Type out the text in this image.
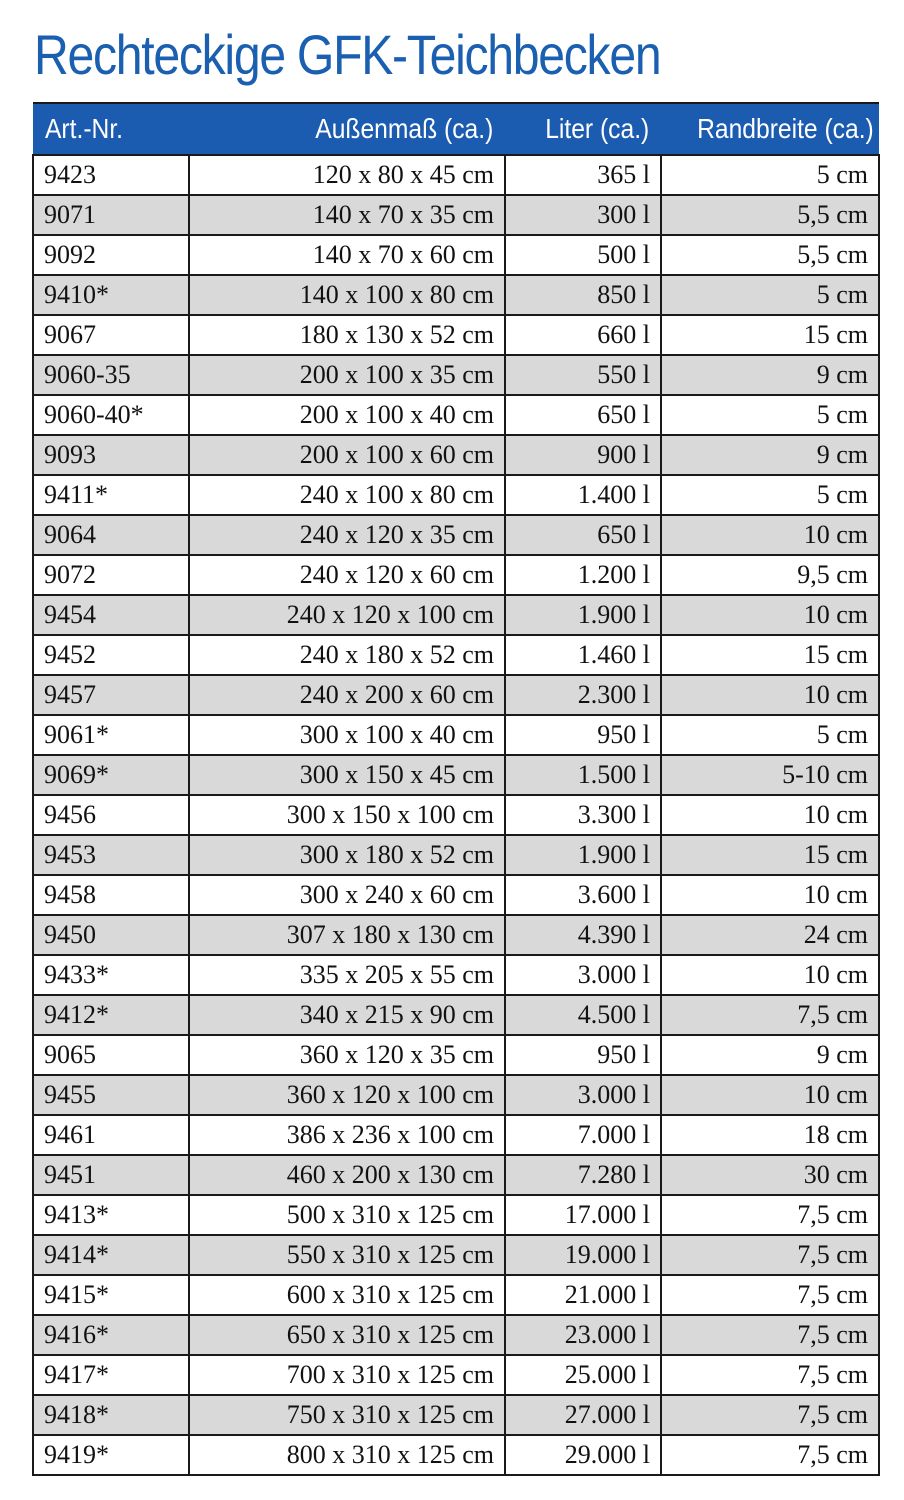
Rechteckige GFK-Teichbecken
Art.-Nr.	Außenmaß (ca.)	Liter (ca.)	Randbreite (ca.)
9423	120 x 80 x 45 cm	365 l	5 cm
9071	140 x 70 x 35 cm	300 l	5,5 cm
9092	140 x 70 x 60 cm	500 l	5,5 cm
9410*	140 x 100 x 80 cm	850 l	5 cm
9067	180 x 130 x 52 cm	660 l	15 cm
9060-35	200 x 100 x 35 cm	550 l	9 cm
9060-40*	200 x 100 x 40 cm	650 l	5 cm
9093	200 x 100 x 60 cm	900 l	9 cm
9411*	240 x 100 x 80 cm	1.400 l	5 cm
9064	240 x 120 x 35 cm	650 l	10 cm
9072	240 x 120 x 60 cm	1.200 l	9,5 cm
9454	240 x 120 x 100 cm	1.900 l	10 cm
9452	240 x 180 x 52 cm	1.460 l	15 cm
9457	240 x 200 x 60 cm	2.300 l	10 cm
9061*	300 x 100 x 40 cm	950 l	5 cm
9069*	300 x 150 x 45 cm	1.500 l	5-10 cm
9456	300 x 150 x 100 cm	3.300 l	10 cm
9453	300 x 180 x 52 cm	1.900 l	15 cm
9458	300 x 240 x 60 cm	3.600 l	10 cm
9450	307 x 180 x 130 cm	4.390 l	24 cm
9433*	335 x 205 x 55 cm	3.000 l	10 cm
9412*	340 x 215 x 90 cm	4.500 l	7,5 cm
9065	360 x 120 x 35 cm	950 l	9 cm
9455	360 x 120 x 100 cm	3.000 l	10 cm
9461	386 x 236 x 100 cm	7.000 l	18 cm
9451	460 x 200 x 130 cm	7.280 l	30 cm
9413*	500 x 310 x 125 cm	17.000 l	7,5 cm
9414*	550 x 310 x 125 cm	19.000 l	7,5 cm
9415*	600 x 310 x 125 cm	21.000 l	7,5 cm
9416*	650 x 310 x 125 cm	23.000 l	7,5 cm
9417*	700 x 310 x 125 cm	25.000 l	7,5 cm
9418*	750 x 310 x 125 cm	27.000 l	7,5 cm
9419*	800 x 310 x 125 cm	29.000 l	7,5 cm
